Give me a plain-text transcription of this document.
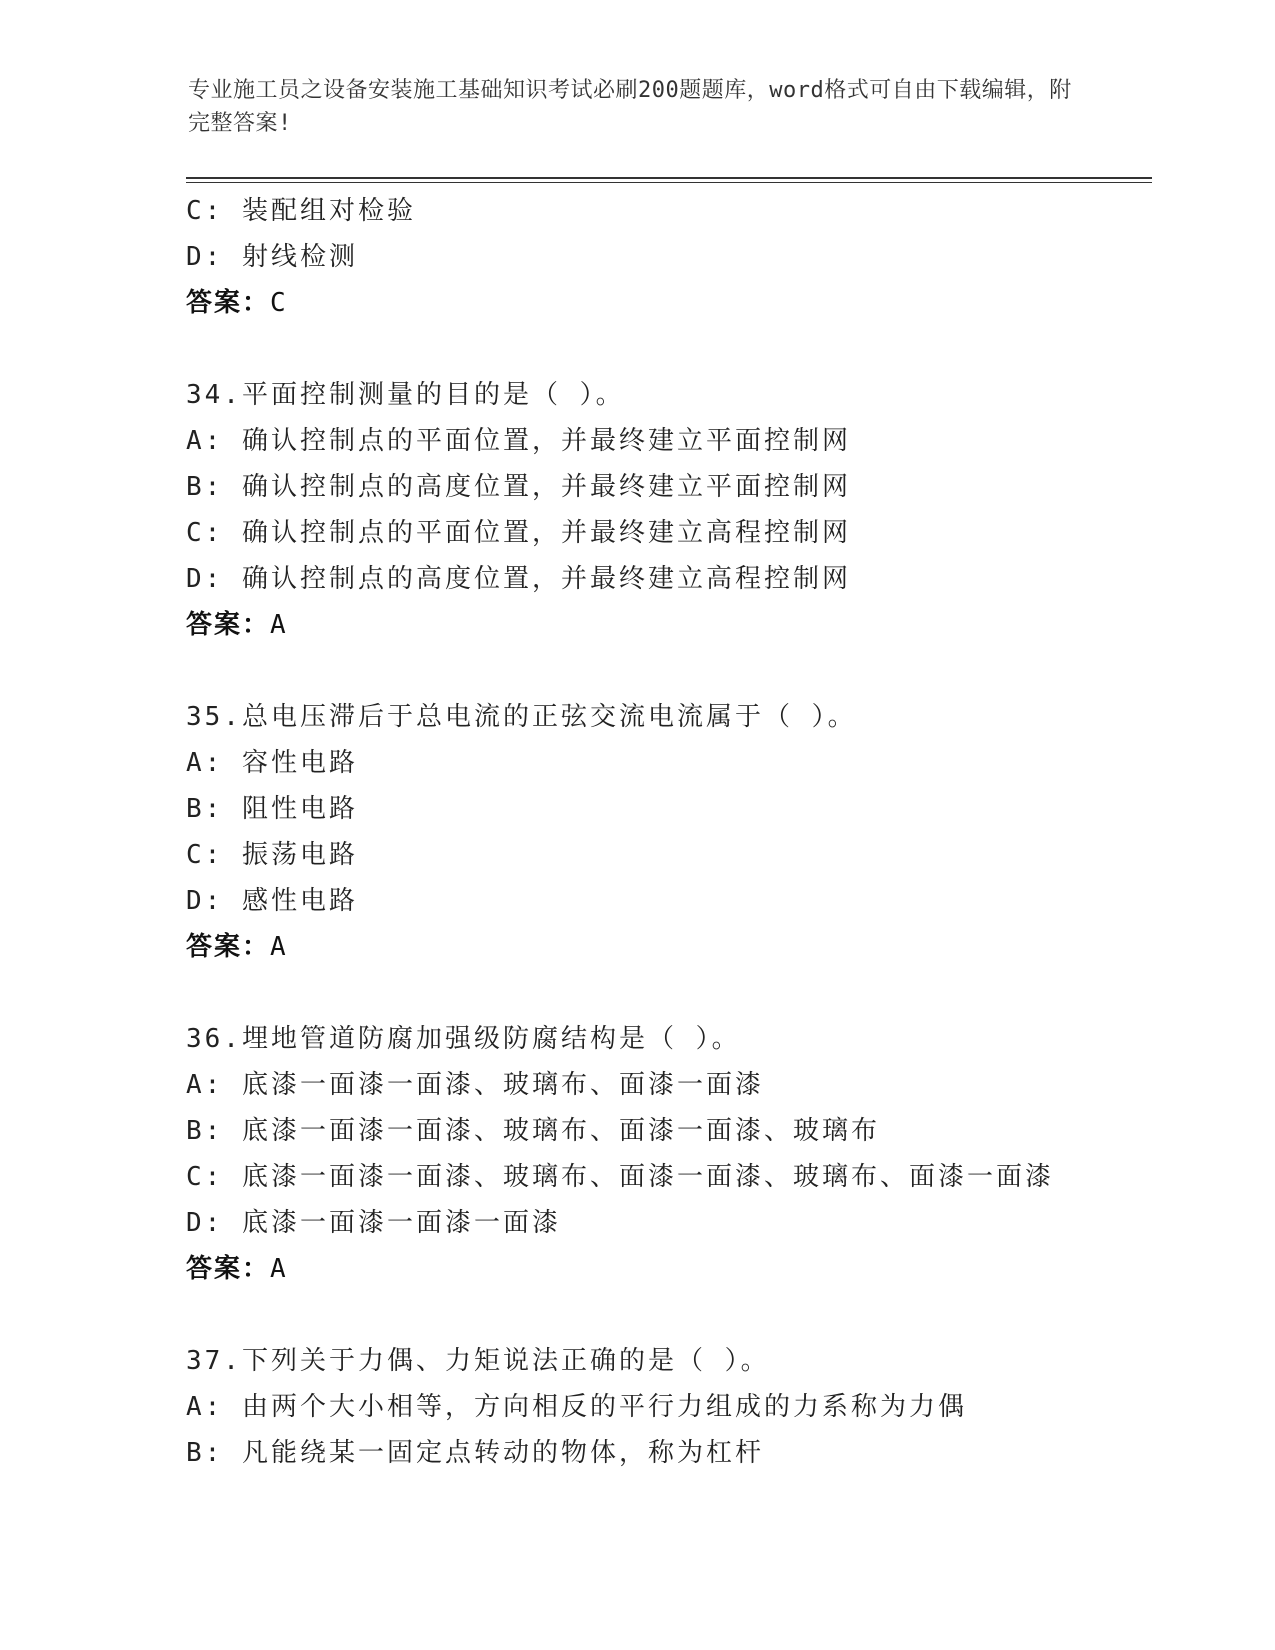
专业施工员之设备安装施工基础知识考试必刷200题题库，word格式可自由下载编辑，附完整答案!
C: 装配组对检验
D: 射线检测
答案：C
34.平面控制测量的目的是（ ）。
A: 确认控制点的平面位置，并最终建立平面控制网
B: 确认控制点的高度位置，并最终建立平面控制网
C: 确认控制点的平面位置，并最终建立高程控制网
D: 确认控制点的高度位置，并最终建立高程控制网
答案：A
35.总电压滞后于总电流的正弦交流电流属于（ ）。
A: 容性电路
B: 阻性电路
C: 振荡电路
D: 感性电路
答案：A
36.埋地管道防腐加强级防腐结构是（ ）。
A: 底漆一面漆一面漆、玻璃布、面漆一面漆
B: 底漆一面漆一面漆、玻璃布、面漆一面漆、玻璃布
C: 底漆一面漆一面漆、玻璃布、面漆一面漆、玻璃布、面漆一面漆
D: 底漆一面漆一面漆一面漆
答案：A
37.下列关于力偶、力矩说法正确的是（ ）。
A: 由两个大小相等，方向相反的平行力组成的力系称为力偶
B: 凡能绕某一固定点转动的物体，称为杠杆
